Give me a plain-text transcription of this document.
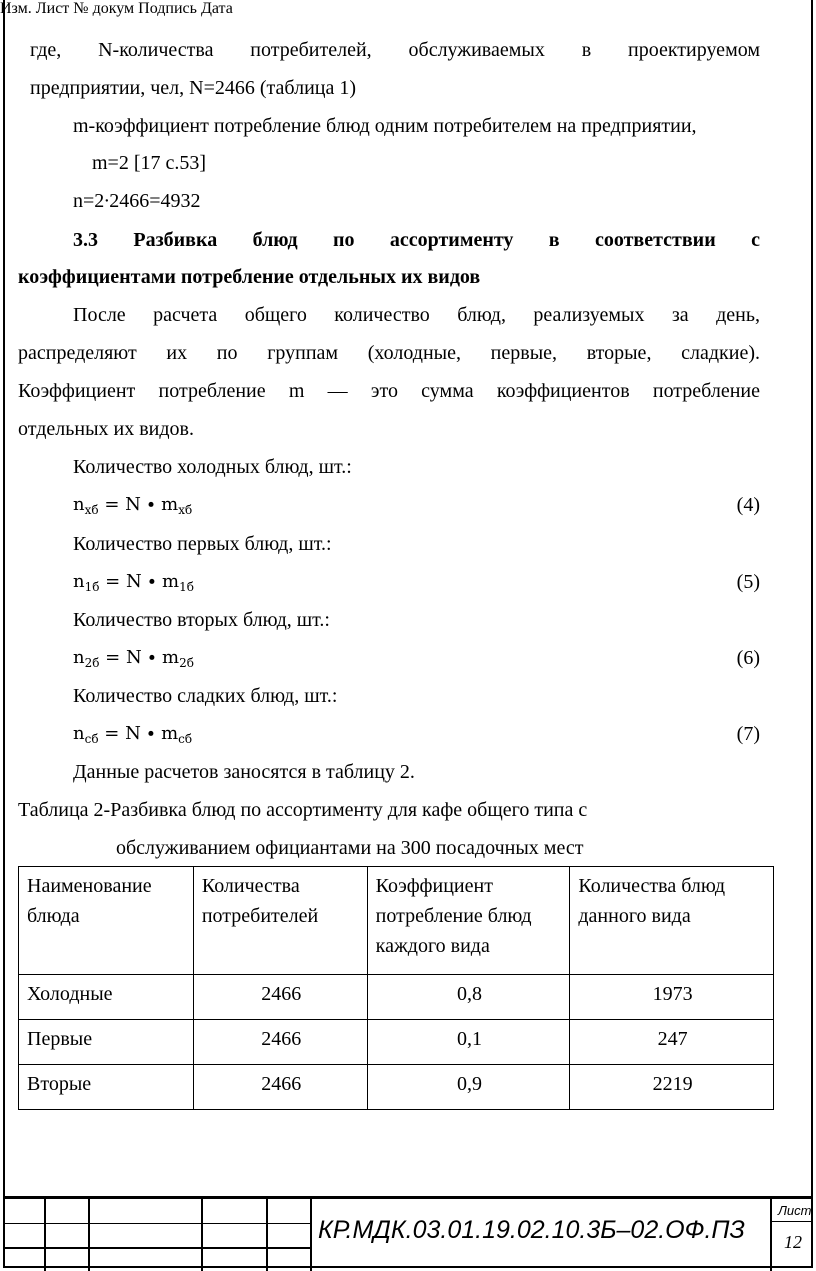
где, N-количества потребителей, обслуживаемых в проектируемом
предприятии, чел, N=2466 (таблица 1)
m-коэффициент потребление блюд одним потребителем на предприятии,
m=2 [17 с.53]
n=2∙2466=4932
3.3 Разбивка блюд по ассортименту в соответствии с
коэффициентами потребление отдельных их видов
После расчета общего количество блюд, реализуемых за день,
распределяют их по группам (холодные, первые, вторые, сладкие).
Коэффициент потребление m — это сумма коэффициентов потребление
отдельных их видов.
Количество холодных блюд, шт.:
$n_{хб} = N \cdot m_{хб}$	(4)
Количество первых блюд, шт.:
$n_{1б} = N \cdot m_{1б}$	(5)
Количество вторых блюд, шт.:
$n_{2б} = N \cdot m_{2б}$	(6)
Количество сладких блюд, шт.:
$n_{сб} = N \cdot m_{сб}$	(7)
Данные расчетов заносятся в таблицу 2.
Таблица 2-Разбивка блюд по ассортименту для кафе общего типа с
обслуживанием официантами на 300 посадочных мест
Наименование блюда	Количества потребителей	Коэффициент потребление блюд каждого вида	Количества блюд данного вида
Холодные	2466	0,8	1973
Первые	2466	0,1	247
Вторые	2466	0,9	2219
Изм. Лист № докум Подпись Дата
КР.МДК.03.01.19.02.10.3Б–02.ОФ.ПЗ
Лист
12
